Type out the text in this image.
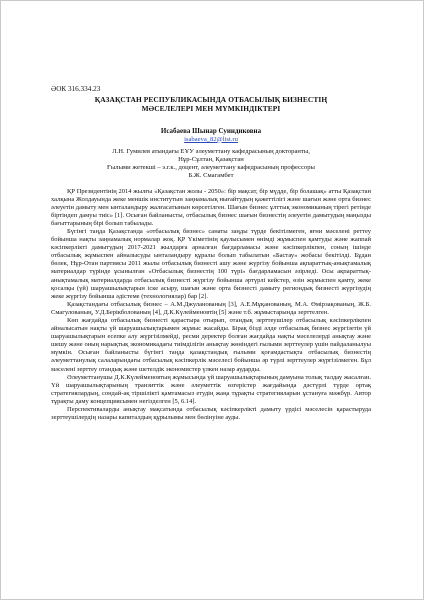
ӘОК 316.334.23
ҚАЗАҚСТАН РЕСПУБЛИКАСЫНДА ОТБАСЫЛЫҚ БИЗНЕСТІҢ
МӘСЕЛЕЛЕРІ МЕН МҮМКІНДІКТЕРІ
Исабаева Шынар Суиндиковна
isabaeva_82@list.ru
Л.Н. Гумилев атындағы ЕҰУ әлеуметтану кафедрасының докторанты,
Нұр-Сұлтан, Қазақстан
Ғылыми жетекші – э.г.к., доцент, әлеуметтану кафедрасының профессоры
Б.Ж. Смагамбет

ҚР Президентінің 2014 жылғы «Қазақстан жолы - 2050»: бір мақсат, бір мүдде, бір болашақ» атты Қазақстан халқына Жолдауында жеке меншік институтын заңнамалық нығайтудың қажеттілігі және шағын және орта бизнес әлеуетін дамыту мен ынталандыру жалғасатынын көрсетілген. Шағын бизнес ұлттық экономиканың тірегі ретінде біртіндеп дамуы тиіс» [1]. Осыған байланысты, отбасылық бизнес шағын бизнестің әлеуетін дамытудың маңызды бағыттарының бірі болып табылады.

Бүгінгі таңда Қазақстанда «отбасылық бизнес» санаты заңды түрде бекітілмеген, яғни мәселені реттеу бойынша нақты заңнамалық нормалар жоқ. ҚР Үкіметінің қаулысымен өнімді жұмыспен қамтуды және жаппай кәсіпкерлікті дамытудың 2017-2021 жылдарға арналған бағдарламасы және кәсіпкерлікпен, соның ішінде отбасылық жұмыспен айналысуды ынталандыру құралы болып табылатын «Бастау» жобасы бекітілді. Бұдан бөлек, Нұр-Отан партиясы 2011 жылы отбасылық бизнесті ашу және жүргізу бойынша ақпараттық-анықтамалық материалдар түрінде ұсынылған «Отбасылық бизнестің 100 түрі» бағдарламасын әзірледі. Осы ақпараттық-анықтамалық материалдарда отбасылық бизнесті жүргізу бойынша әртүрлі кейстер, өзін жұмыспен қамту, жеке қосалқы (үй) шаруашылықтарын іске асыру, шағын және орта бизнесті дамыту региондық бизнесті жүргізудің жеке жүргізу бойынша әдістеме (технологиялар) бар [2].

Қазақстандағы отбасылық бизнес – А.М.Джуланованың [3], А.Е.Мұқанованың, М.А. Өмірзақованың, Ж.Б. Смагулованың, У.Д.Берікболованың [4], Д.К.Күлейменовтің [5] және т.б. жұмыстарында зерттелген.

Көп жағдайда отбасылық бизнесті қарастыра отырып, отандық зерттеушілер отбасылық кәсіпкерлікпен айналысатын нақты үй шаруашылықтарымен жұмыс жасайды. Бірақ бізді әлде отбасылық бизнес жүргізетін үй шаруашылықтарын есепке алу жүргізілмейді, ресми деректер болған жағдайда нақты мәселелерді анықтау және шешу және оның нарықтық экономикадағы тиімділігін анықтау жөніндегі ғылыми зерттеулер үшін пайдаланылуы мүмкін. Осыған байланысты бүгінгі таңда қазақстандық ғылыми қоғамдастықта отбасылық бизнестің әлеуметтанулық салаларындағы отбасылық кәсіпкерлік мәселесі бойынша әр түрлі зерттеулер жүргізілмеген. Бұл мәселені зерттеу отандық және шетелдік экономистер үлкен назар аударды.

Әлеуметтанушы Д.К.Күлейменовтың жұмысында үй шаруашылықтарының дамуына толық талдау жасалған. Үй шаруашылықтарының транзиттік және әлеуметтік өзгерістер жағдайында дәстүрлі түрде ортақ стратегиялардың, сондай-ақ тіршілікті қамтамасыз етудің жаңа тұрақты стратегияларын ұстануға мәжбүр. Автор тұрақты даму концепциясымен негізделген [5, 6.14].

Перспективаларды анықтау мақсатында отбасылық кәсіпкерлікті дамыту үрдісі мәселесін қарастыруда зерттеушілердің назары капиталдың құрылымы мен бөлінуіне ауды.
